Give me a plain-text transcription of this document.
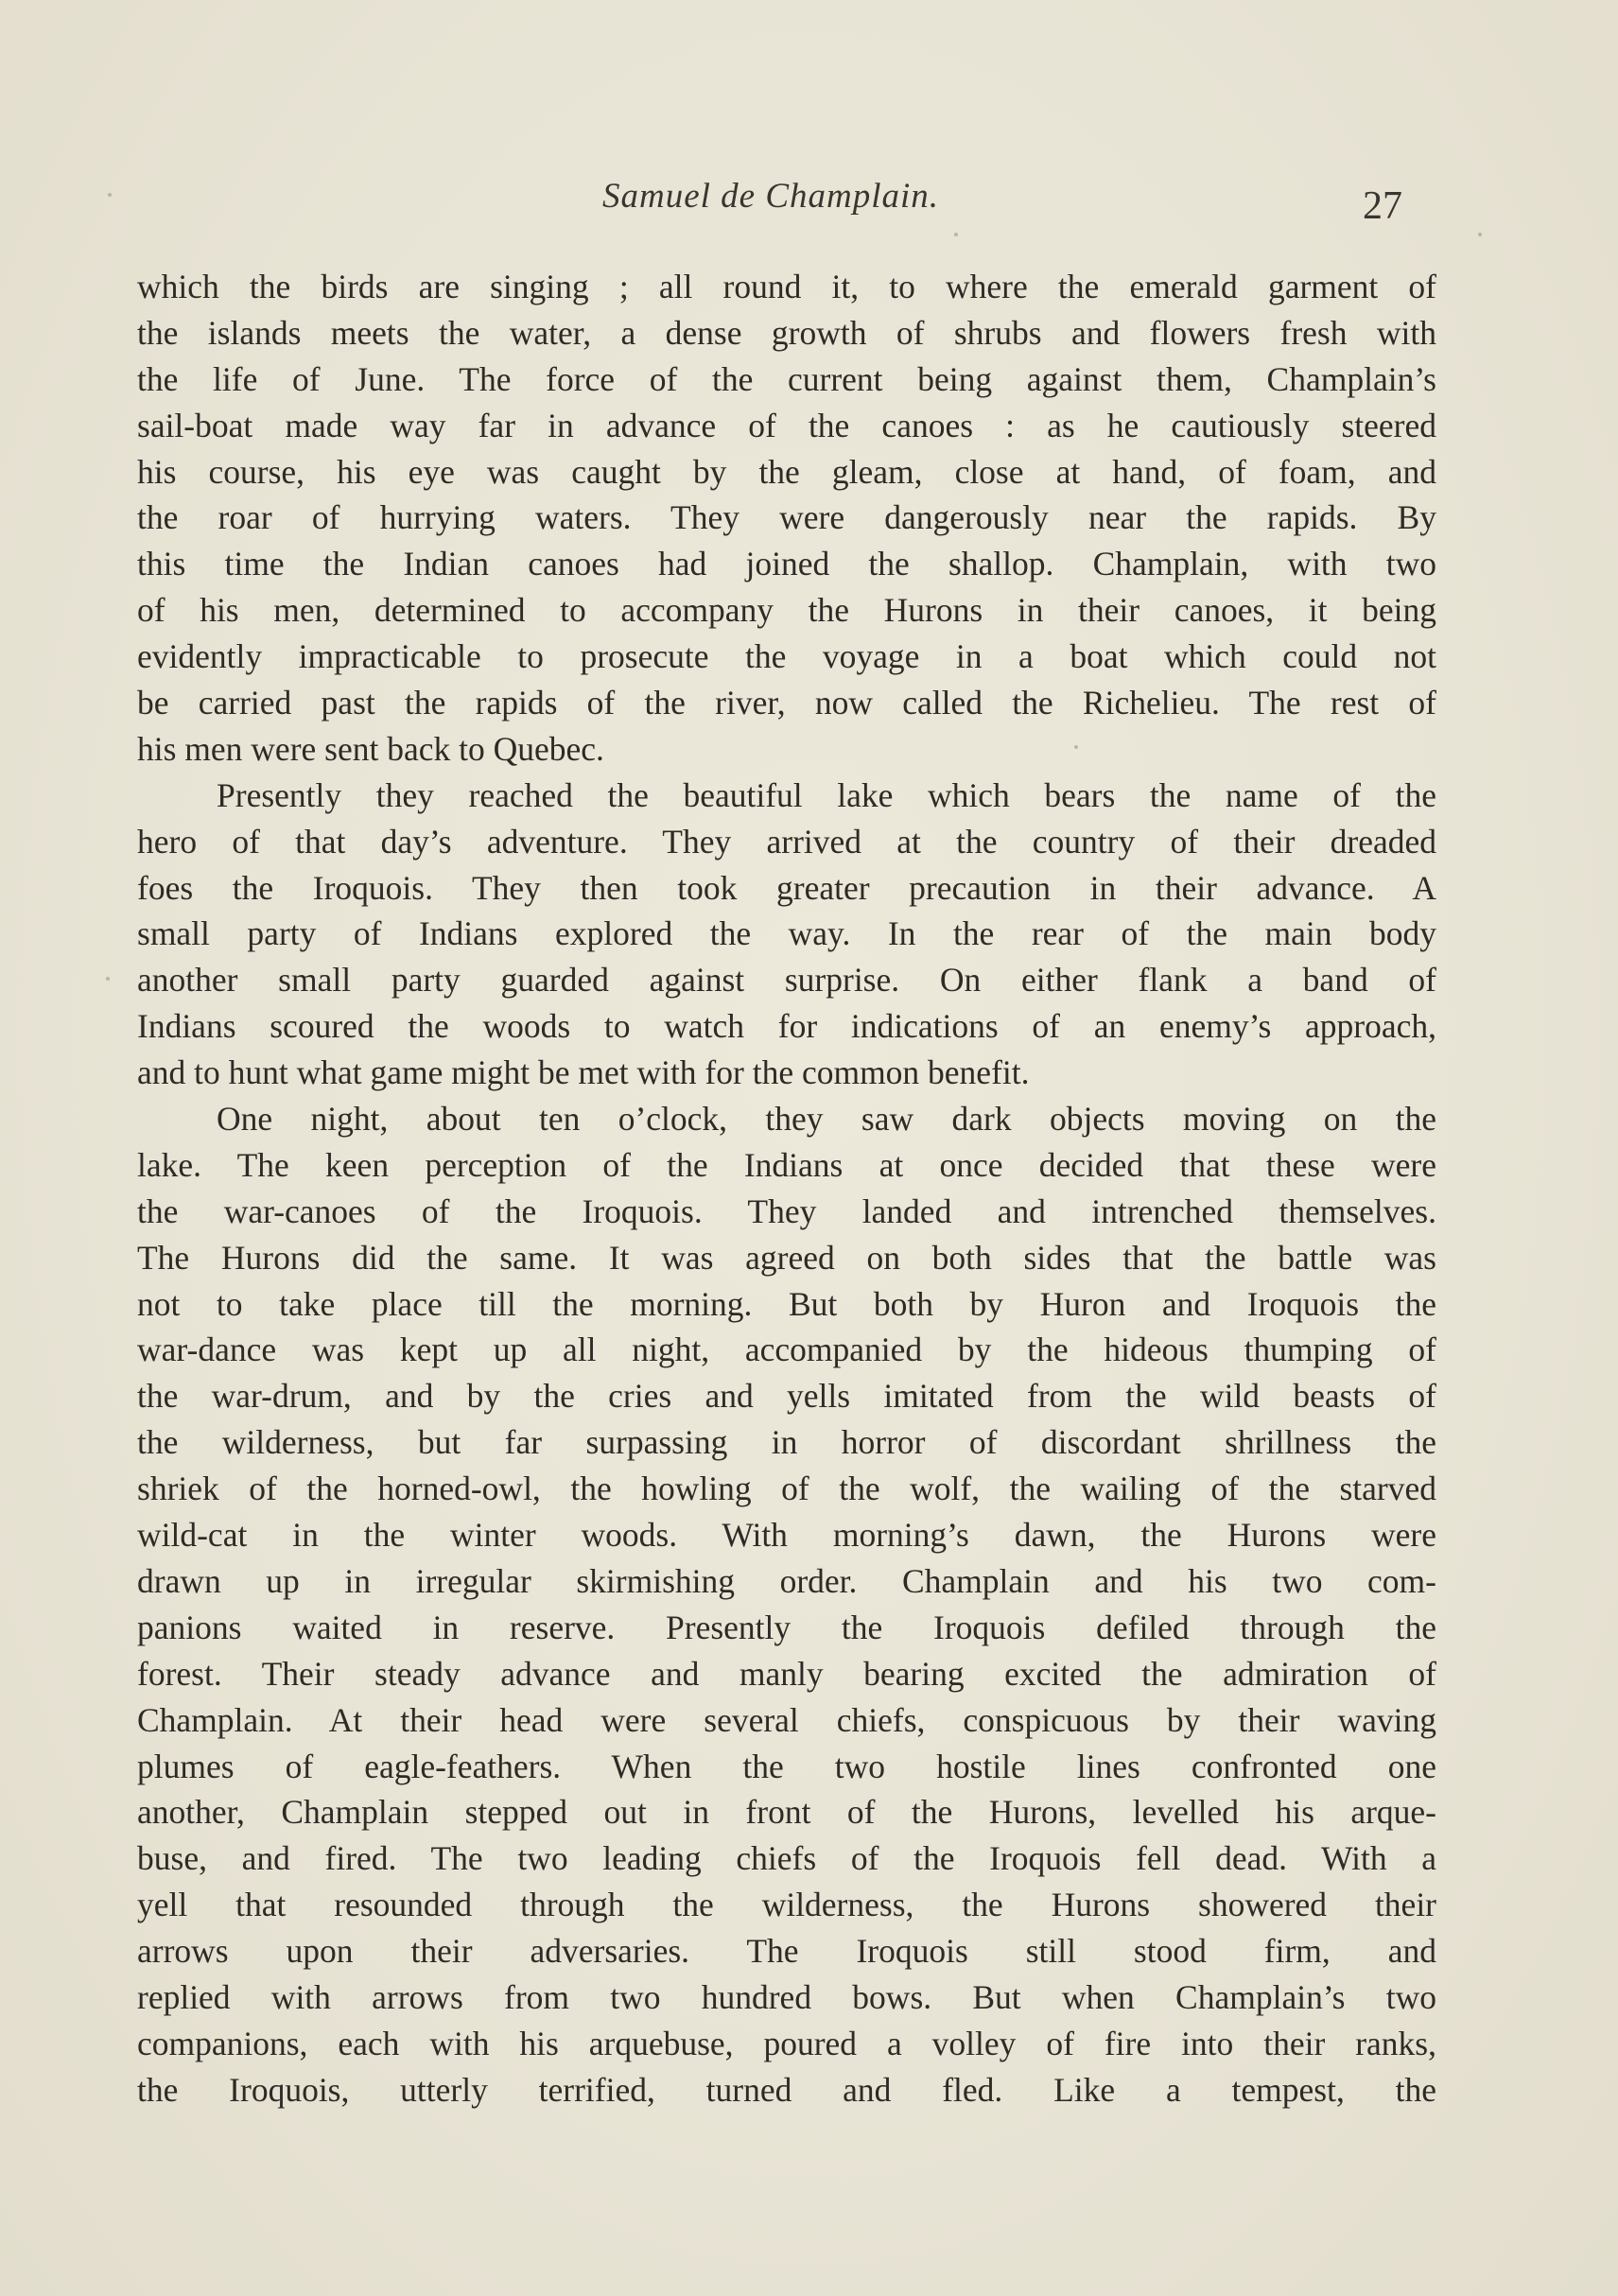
Samuel de Champlain.	27
which the birds are singing ; all round it, to where the emerald garment of
the islands meets the water, a dense growth of shrubs and flowers fresh with
the life of June. The force of the current being against them, Champlain’s
sail-boat made way far in advance of the canoes : as he cautiously steered
his course, his eye was caught by the gleam, close at hand, of foam, and
the roar of hurrying waters. They were dangerously near the rapids. By
this time the Indian canoes had joined the shallop. Champlain, with two
of his men, determined to accompany the Hurons in their canoes, it being
evidently impracticable to prosecute the voyage in a boat which could not
be carried past the rapids of the river, now called the Richelieu. The rest of
his men were sent back to Quebec.
Presently they reached the beautiful lake which bears the name of the
hero of that day’s adventure. They arrived at the country of their dreaded
foes the Iroquois. They then took greater precaution in their advance. A
small party of Indians explored the way. In the rear of the main body
another small party guarded against surprise. On either flank a band of
Indians scoured the woods to watch for indications of an enemy’s approach,
and to hunt what game might be met with for the common benefit.
One night, about ten o’clock, they saw dark objects moving on the
lake. The keen perception of the Indians at once decided that these were
the war-canoes of the Iroquois. They landed and intrenched themselves.
The Hurons did the same. It was agreed on both sides that the battle was
not to take place till the morning. But both by Huron and Iroquois the
war-dance was kept up all night, accompanied by the hideous thumping of
the war-drum, and by the cries and yells imitated from the wild beasts of
the wilderness, but far surpassing in horror of discordant shrillness the
shriek of the horned-owl, the howling of the wolf, the wailing of the starved
wild-cat in the winter woods. With morning’s dawn, the Hurons were
drawn up in irregular skirmishing order. Champlain and his two com-
panions waited in reserve. Presently the Iroquois defiled through the
forest. Their steady advance and manly bearing excited the admiration of
Champlain. At their head were several chiefs, conspicuous by their waving
plumes of eagle-feathers. When the two hostile lines confronted one
another, Champlain stepped out in front of the Hurons, levelled his arque-
buse, and fired. The two leading chiefs of the Iroquois fell dead. With a
yell that resounded through the wilderness, the Hurons showered their
arrows upon their adversaries. The Iroquois still stood firm, and
replied with arrows from two hundred bows. But when Champlain’s two
companions, each with his arquebuse, poured a volley of fire into their ranks,
the Iroquois, utterly terrified, turned and fled. Like a tempest, the
